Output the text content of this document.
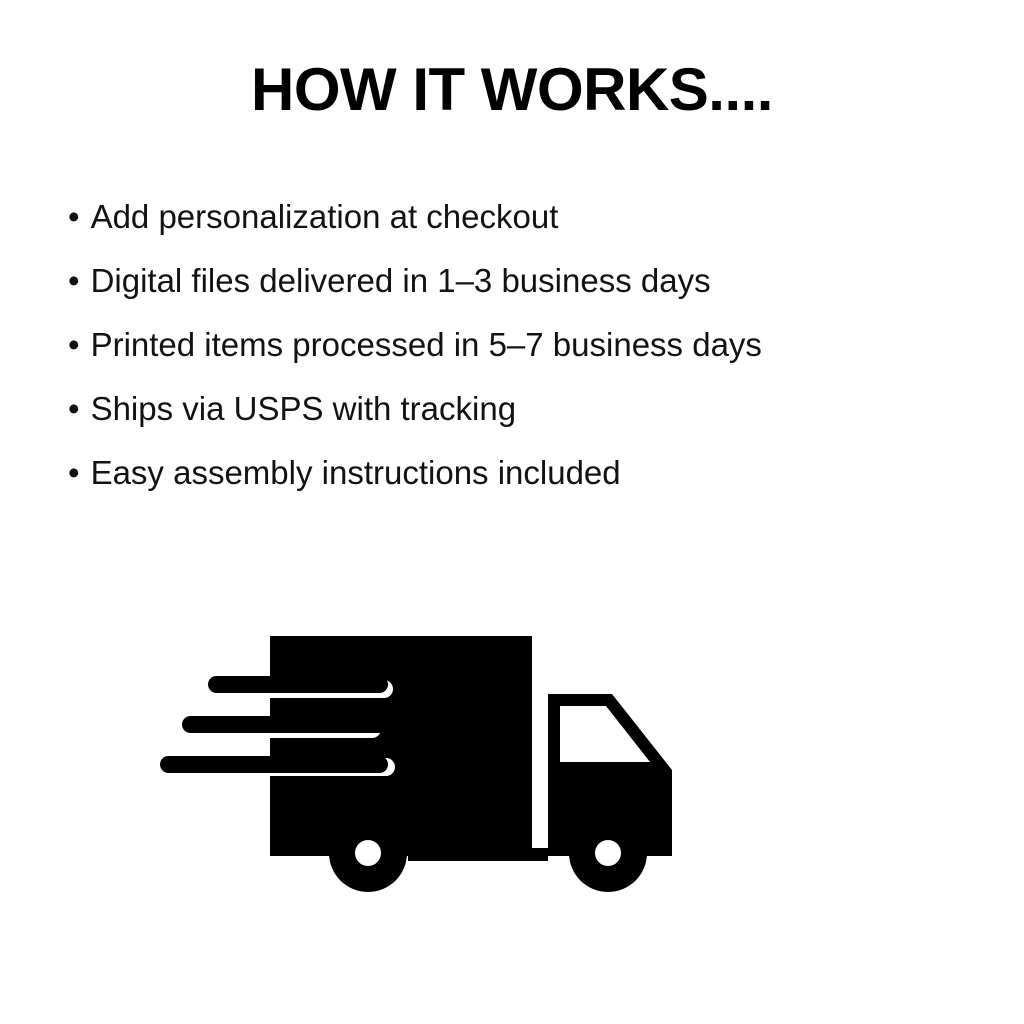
HOW IT WORKS....
• Add personalization at checkout
• Digital files delivered in 1–3 business days
• Printed items processed in 5–7 business days
• Ships via USPS with tracking
• Easy assembly instructions included
